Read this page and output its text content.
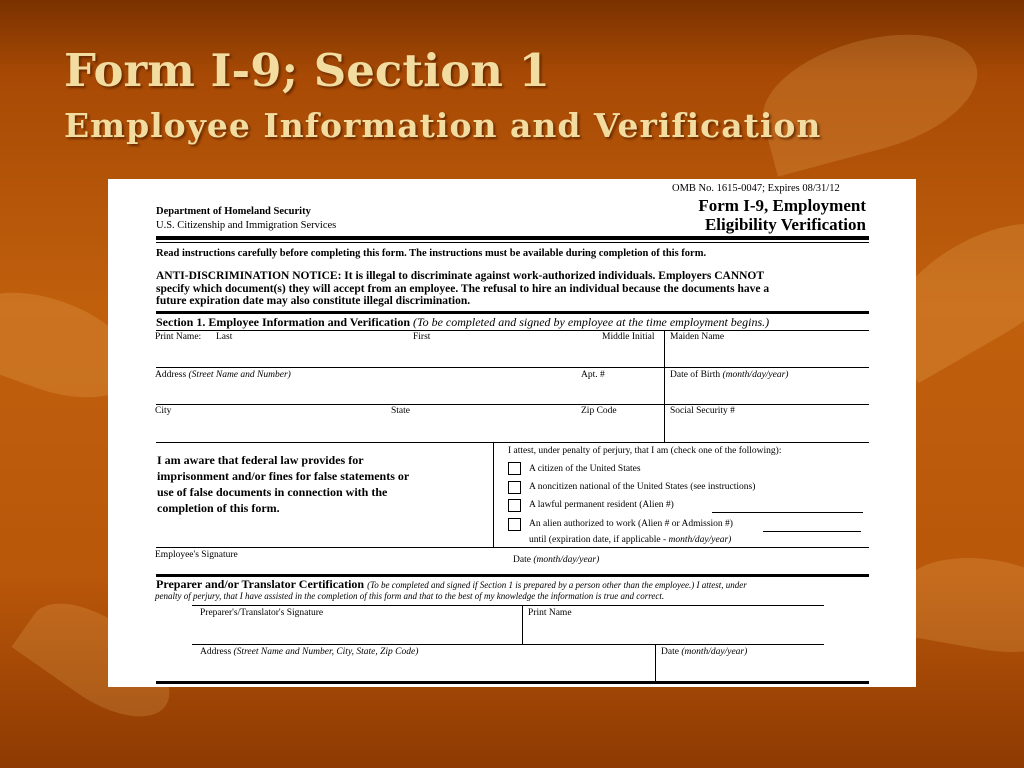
Form I-9; Section 1
Employee Information and Verification
OMB No. 1615-0047; Expires 08/31/12
Department of Homeland Security
U.S. Citizenship and Immigration Services
Form I-9, Employment
Eligibility Verification
Read instructions carefully before completing this form. The instructions must be available during completion of this form.
ANTI-DISCRIMINATION NOTICE: It is illegal to discriminate against work-authorized individuals. Employers CANNOT
specify which document(s) they will accept from an employee. The refusal to hire an individual because the documents have a
future expiration date may also constitute illegal discrimination.
Section 1. Employee Information and Verification (To be completed and signed by employee at the time employment begins.)
Print Name: Last	First	Middle Initial Maiden Name
Address (Street Name and Number)	Apt. #	Date of Birth (month/day/year)
City	State	Zip Code	Social Security #
I am aware that federal law provides for
imprisonment and/or fines for false statements or
use of false documents in connection with the
completion of this form.
I attest, under penalty of perjury, that I am (check one of the following):
A citizen of the United States
A noncitizen national of the United States (see instructions)
A lawful permanent resident (Alien #)
An alien authorized to work (Alien # or Admission #)
until (expiration date, if applicable - month/day/year)
Employee's Signature	Date (month/day/year)
Preparer and/or Translator Certification (To be completed and signed if Section 1 is prepared by a person other than the employee.) I attest, under
penalty of perjury, that I have assisted in the completion of this form and that to the best of my knowledge the information is true and correct.
Preparer's/Translator's Signature	Print Name
Address (Street Name and Number, City, State, Zip Code)	Date (month/day/year)
